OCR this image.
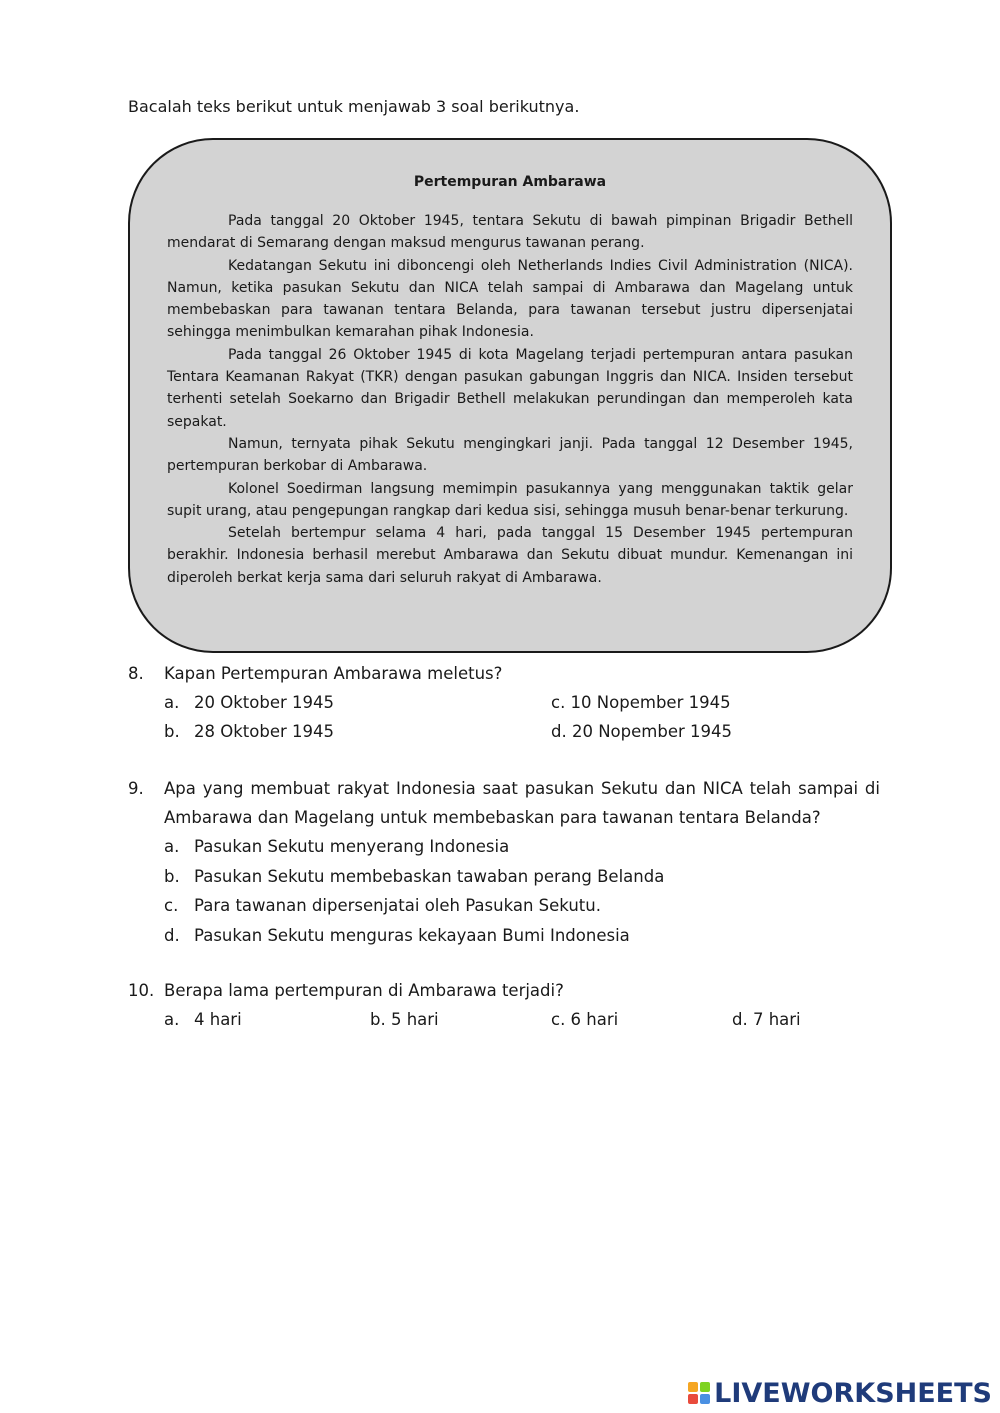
Bacalah teks berikut untuk menjawab 3 soal berikutnya.
Pertempuran Ambarawa

Pada tanggal 20 Oktober 1945, tentara Sekutu di bawah pimpinan Brigadir Bethell mendarat di Semarang dengan maksud mengurus tawanan perang.

Kedatangan Sekutu ini diboncengi oleh Netherlands Indies Civil Administration (NICA). Namun, ketika pasukan Sekutu dan NICA telah sampai di Ambarawa dan Magelang untuk membebaskan para tawanan tentara Belanda, para tawanan tersebut justru dipersenjatai sehingga menimbulkan kemarahan pihak Indonesia.

Pada tanggal 26 Oktober 1945 di kota Magelang terjadi pertempuran antara pasukan Tentara Keamanan Rakyat (TKR) dengan pasukan gabungan Inggris dan NICA. Insiden tersebut terhenti setelah Soekarno dan Brigadir Bethell melakukan perundingan dan memperoleh kata sepakat.

Namun, ternyata pihak Sekutu mengingkari janji. Pada tanggal 12 Desember 1945, pertempuran berkobar di Ambarawa.

Kolonel Soedirman langsung memimpin pasukannya yang menggunakan taktik gelar supit urang, atau pengepungan rangkap dari kedua sisi, sehingga musuh benar-benar terkurung.

Setelah bertempur selama 4 hari, pada tanggal 15 Desember 1945 pertempuran berakhir. Indonesia berhasil merebut Ambarawa dan Sekutu dibuat mundur. Kemenangan ini diperoleh berkat kerja sama dari seluruh rakyat di Ambarawa.

8. Kapan Pertempuran Ambarawa meletus?
a. 20 Oktober 1945	c. 10 Nopember 1945
b. 28 Oktober 1945	d. 20 Nopember 1945
9. Apa yang membuat rakyat Indonesia saat pasukan Sekutu dan NICA telah sampai di Ambarawa dan Magelang untuk membebaskan para tawanan tentara Belanda?
a. Pasukan Sekutu menyerang Indonesia
b. Pasukan Sekutu membebaskan tawaban perang Belanda
c. Para tawanan dipersenjatai oleh Pasukan Sekutu.
d. Pasukan Sekutu menguras kekayaan Bumi Indonesia
10. Berapa lama pertempuran di Ambarawa terjadi?
a. 4 hari	b. 5 hari	c. 6 hari	d. 7 hari
LIVEWORKSHEETS
